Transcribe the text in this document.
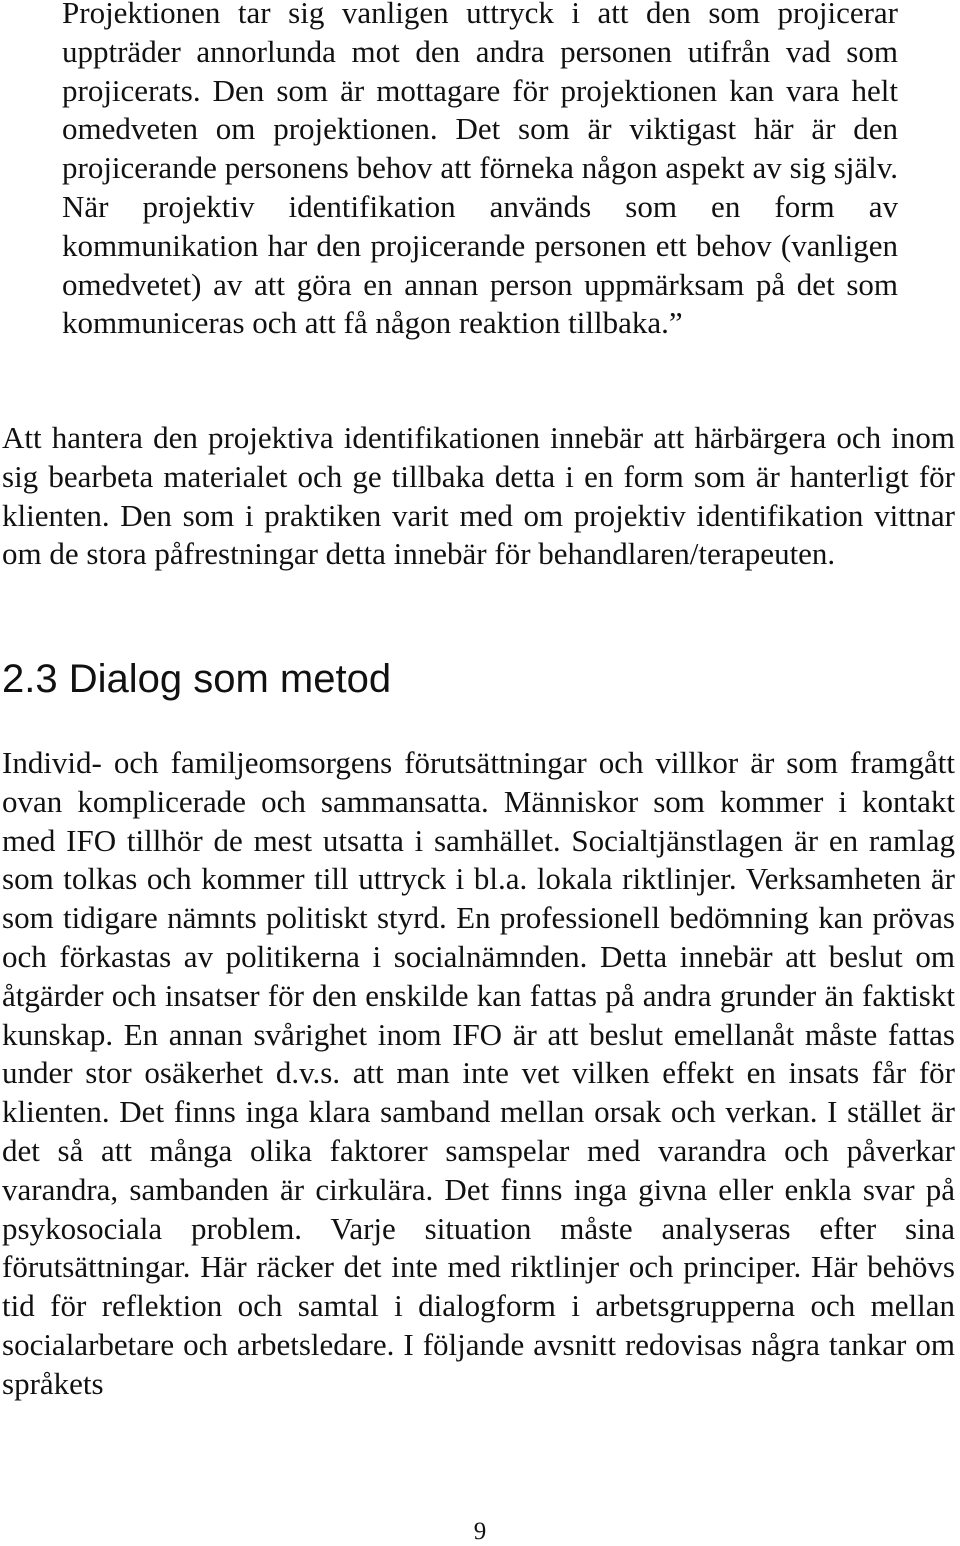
Projektionen tar sig vanligen uttryck i att den som projicerar uppträder annorlunda mot den andra personen utifrån vad som projicerats. Den som är mottagare för projektionen kan vara helt omedveten om projektionen. Det som är viktigast här är den projicerande personens behov att förneka någon aspekt av sig själv. När projektiv identifikation används som en form av kommunikation har den projicerande personen ett behov (vanligen omedvetet) av att göra en annan person uppmärksam på det som kommuniceras och att få någon reaktion tillbaka.”

Att hantera den projektiva identifikationen innebär att härbärgera och inom sig bearbeta materialet och ge tillbaka detta i en form som är hanterligt för klienten. Den som i praktiken varit med om projektiv identifikation vittnar om de stora påfrestningar detta innebär för behandlaren/terapeuten.

2.3 Dialog som metod

Individ- och familjeomsorgens förutsättningar och villkor är som framgått ovan komplicerade och sammansatta. Människor som kommer i kontakt med IFO tillhör de mest utsatta i samhället. Socialtjänstlagen är en ramlag som tolkas och kommer till uttryck i bl.a. lokala riktlinjer. Verksamheten är som tidigare nämnts politiskt styrd. En professionell bedömning kan prövas och förkastas av politikerna i socialnämnden. Detta innebär att beslut om åtgärder och insatser för den enskilde kan fattas på andra grunder än faktiskt kunskap. En annan svårighet inom IFO är att beslut emellanåt måste fattas under stor osäkerhet d.v.s. att man inte vet vilken effekt en insats får för klienten. Det finns inga klara samband mellan orsak och verkan. I stället är det så att många olika faktorer samspelar med varandra och påverkar varandra, sambanden är cirkulära. Det finns inga givna eller enkla svar på psykosociala problem. Varje situation måste analyseras efter sina förutsättningar. Här räcker det inte med riktlinjer och principer. Här behövs tid för reflektion och samtal i dialogform i arbetsgrupperna och mellan socialarbetare och arbetsledare. I följande avsnitt redovisas några tankar om språkets

9
